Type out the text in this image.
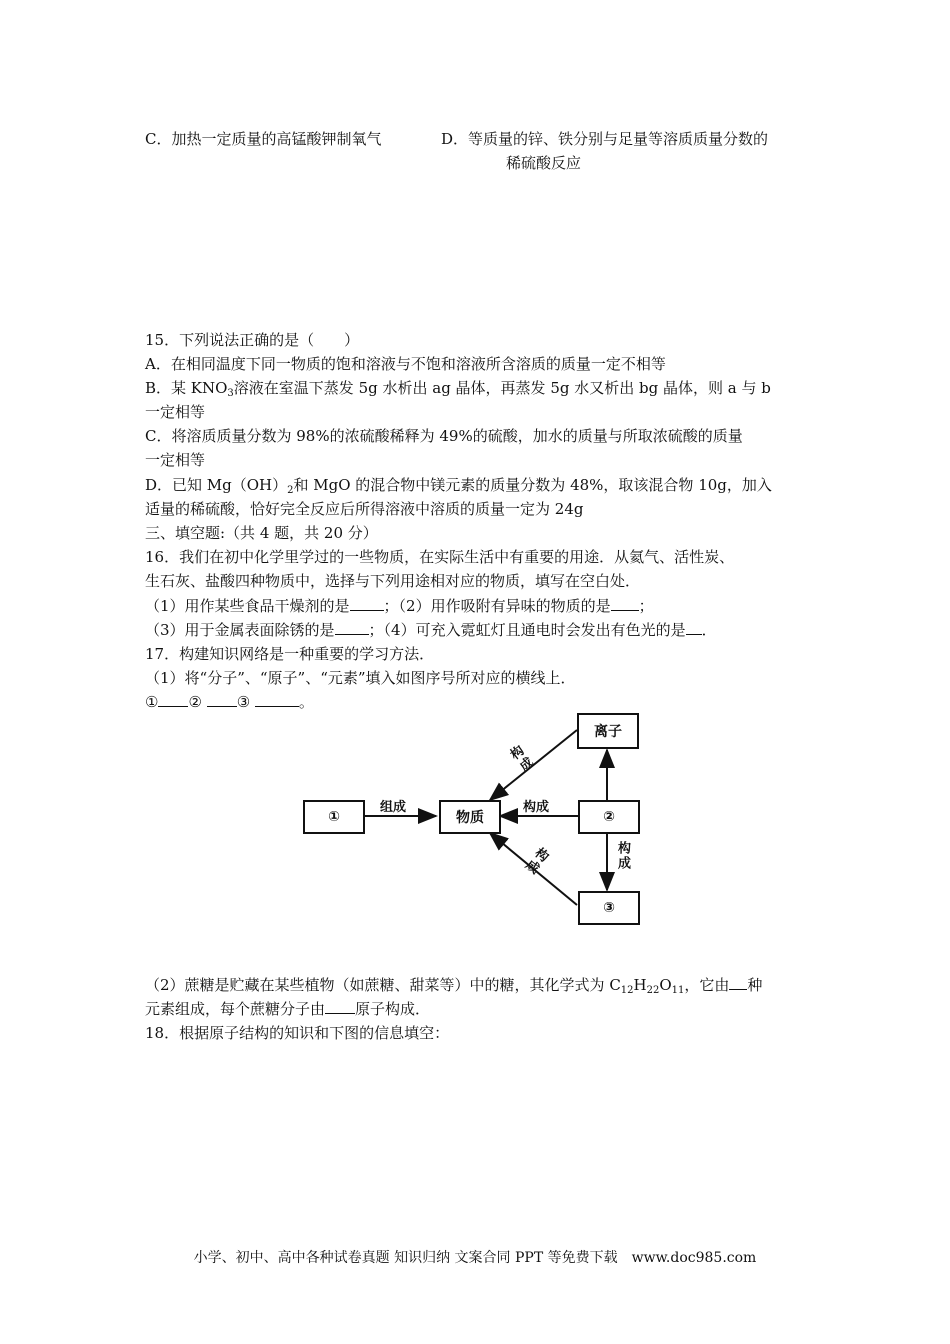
C．加热一定质量的高锰酸钾制氧气	D．等质量的锌、铁分别与足量等溶质质量分数的
稀硫酸反应
15．下列说法正确的是（　　）
A．在相同温度下同一物质的饱和溶液与不饱和溶液所含溶质的质量一定不相等
B．某 $KNO_3$溶液在室温下蒸发 5g 水析出 ag 晶体，再蒸发 5g 水又析出 bg 晶体，则 a 与 b
一定相等
C．将溶质质量分数为 98%的浓硫酸稀释为 49%的硫酸，加水的质量与所取浓硫酸的质量
一定相等
D．已知 $Mg(OH)_2$和 MgO 的混合物中镁元素的质量分数为 48%，取该混合物 10g，加入
适量的稀硫酸，恰好完全反应后所得溶液中溶质的质量一定为 24g
三、填空题:（共 4 题，共 20 分）
16．我们在初中化学里学过的一些物质，在实际生活中有重要的用途．从氦气、活性炭、
生石灰、盐酸四种物质中，选择与下列用途相对应的物质，填写在空白处．
（1）用作某些食品干燥剂的是 ；（2）用作吸附有异味的物质的是 ；
（3）用于金属表面除锈的是 ；（4）可充入霓虹灯且通电时会发出有色光的是 ．
17．构建知识网络是一种重要的学习方法．
（1）将“分子”、“原子”、“元素”填入如图序号所对应的横线上．
① ② ③	。
①	物质	②
离子
③
组成	构成
构成
构成	构成
（2）蔗糖是贮藏在某些植物（如蔗糖、甜菜等）中的糖，其化学式为 $C_{12}H_{22}O_{11}$，它由 种
元素组成，每个蔗糖分子由 原子构成．
18．根据原子结构的知识和下图的信息填空：
小学、初中、高中各种试卷真题 知识归纳 文案合同 PPT 等免费下载　www.doc985.com
